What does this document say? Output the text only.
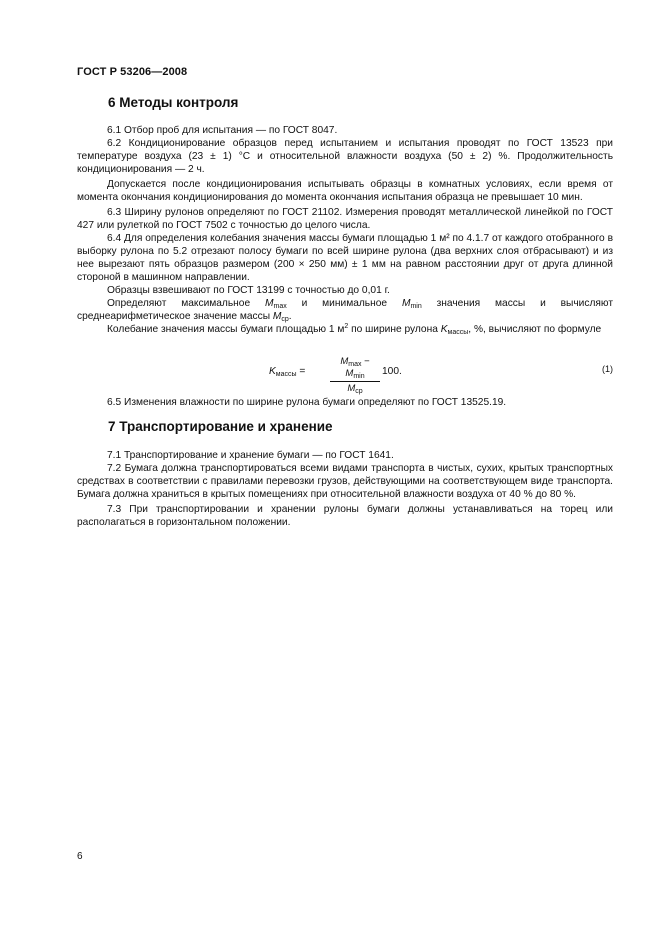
ГОСТ Р 53206—2008
6 Методы контроля

6.1 Отбор проб для испытания — по ГОСТ 8047.

6.2 Кондиционирование образцов перед испытанием и испытания проводят по ГОСТ 13523 при температуре воздуха (23 ± 1) °С и относительной влажности воздуха (50 ± 2) %. Продолжительность кондиционирования — 2 ч.

Допускается после кондиционирования испытывать образцы в комнатных условиях, если время от момента окончания кондиционирования до момента окончания испытания образца не превышает 10 мин.

6.3 Ширину рулонов определяют по ГОСТ 21102. Измерения проводят металлической линейкой по ГОСТ 427 или рулеткой по ГОСТ 7502 с точностью до целого числа.

6.4 Для определения колебания значения массы бумаги площадью 1 м² по 4.1.7 от каждого отобранного в выборку рулона по 5.2 отрезают полосу бумаги по всей ширине рулона (два верхних слоя отбрасывают) и из нее вырезают пять образцов размером (200 × 250 мм) ± 1 мм на равном расстоянии друг от друга длинной стороной в машинном направлении.

Образцы взвешивают по ГОСТ 13199 с точностью до 0,01 г.

Определяют максимальное $M_{max}$ и минимальное $M_{min}$ значения массы и вычисляют среднеарифметическое значение массы $M_{ср}$.

Колебание значения массы бумаги площадью 1 $м^2$ по ширине рулона $K_{массы}$, %, вычисляют по формуле

$K_{массы}$ =
$M_{max} - M_{min}$
$M_{ср}$
100.	(1)
6.5 Изменения влажности по ширине рулона бумаги определяют по ГОСТ 13525.19.
7 Транспортирование и хранение

7.1 Транспортирование и хранение бумаги — по ГОСТ 1641.

7.2 Бумага должна транспортироваться всеми видами транспорта в чистых, сухих, крытых транспортных средствах в соответствии с правилами перевозки грузов, действующими на соответствующем виде транспорта. Бумага должна храниться в крытых помещениях при относительной влажности воздуха от 40 % до 80 %.

7.3 При транспортировании и хранении рулоны бумаги должны устанавливаться на торец или располагаться в горизонтальном положении.

6
